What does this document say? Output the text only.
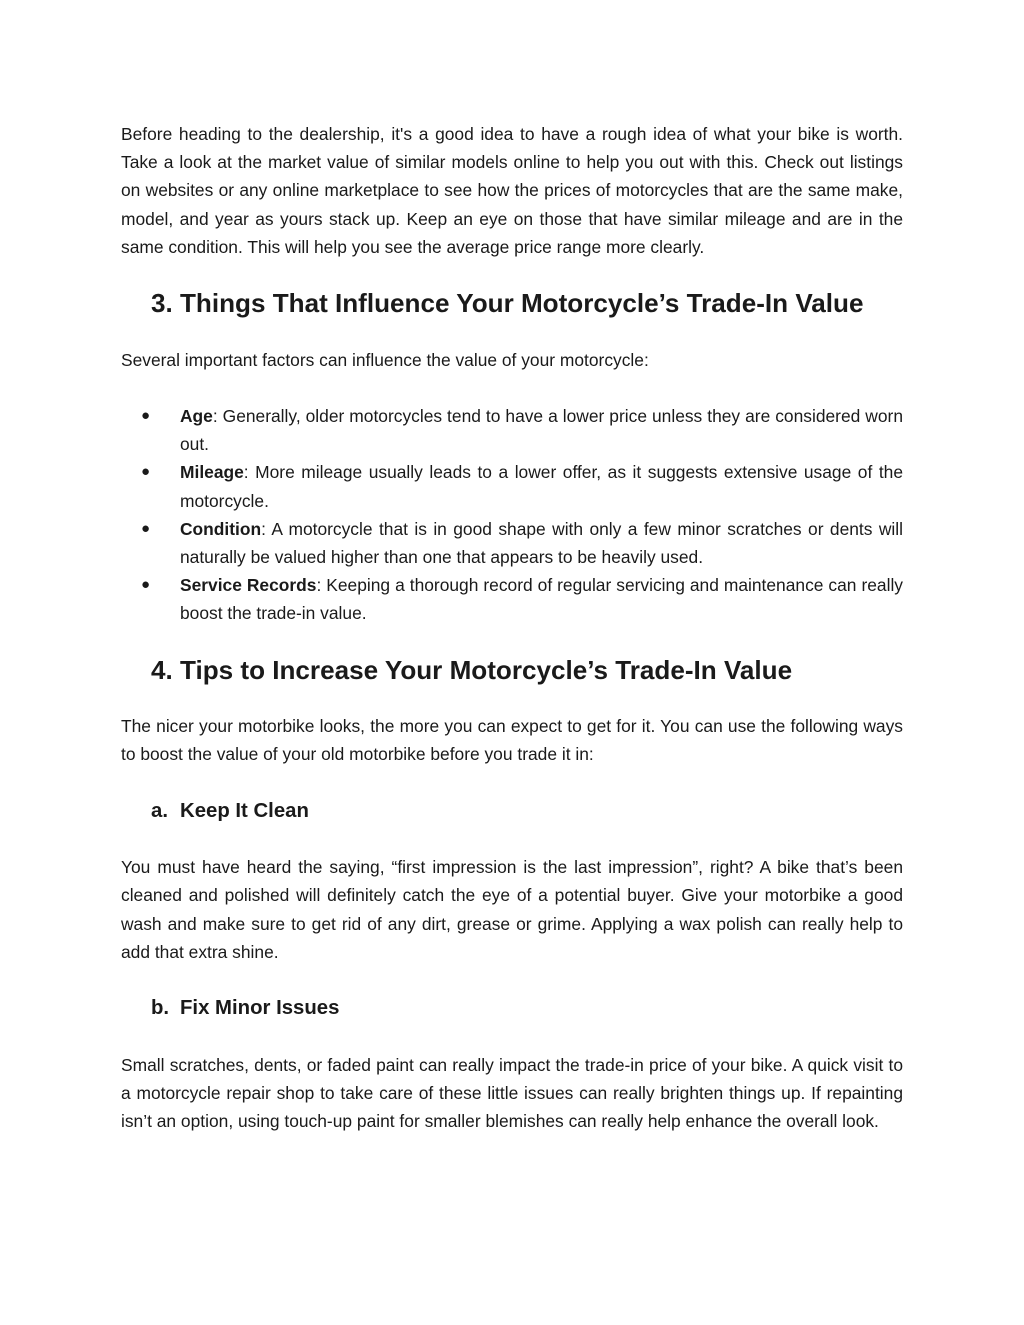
Before heading to the dealership, it's a good idea to have a rough idea of what your bike is worth. Take a look at the market value of similar models online to help you out with this. Check out listings on websites or any online marketplace to see how the prices of motorcycles that are the same make, model, and year as yours stack up. Keep an eye on those that have similar mileage and are in the same condition. This will help you see the average price range more clearly.

3. Things That Influence Your Motorcycle’s Trade-In Value

Several important factors can influence the value of your motorcycle:

●	Age: Generally, older motorcycles tend to have a lower price unless they are considered worn out.
●	Mileage: More mileage usually leads to a lower offer, as it suggests extensive usage of the motorcycle.
●	Condition: A motorcycle that is in good shape with only a few minor scratches or dents will naturally be valued higher than one that appears to be heavily used.
●	Service Records: Keeping a thorough record of regular servicing and maintenance can really boost the trade-in value.
4. Tips to Increase Your Motorcycle’s Trade-In Value

The nicer your motorbike looks, the more you can expect to get for it. You can use the following ways to boost the value of your old motorbike before you trade it in:

a. Keep It Clean

You must have heard the saying, “first impression is the last impression”, right? A bike that’s been cleaned and polished will definitely catch the eye of a potential buyer. Give your motorbike a good wash and make sure to get rid of any dirt, grease or grime. Applying a wax polish can really help to add that extra shine.

b. Fix Minor Issues

Small scratches, dents, or faded paint can really impact the trade-in price of your bike. A quick visit to a motorcycle repair shop to take care of these little issues can really brighten things up. If repainting isn’t an option, using touch-up paint for smaller blemishes can really help enhance the overall look.
